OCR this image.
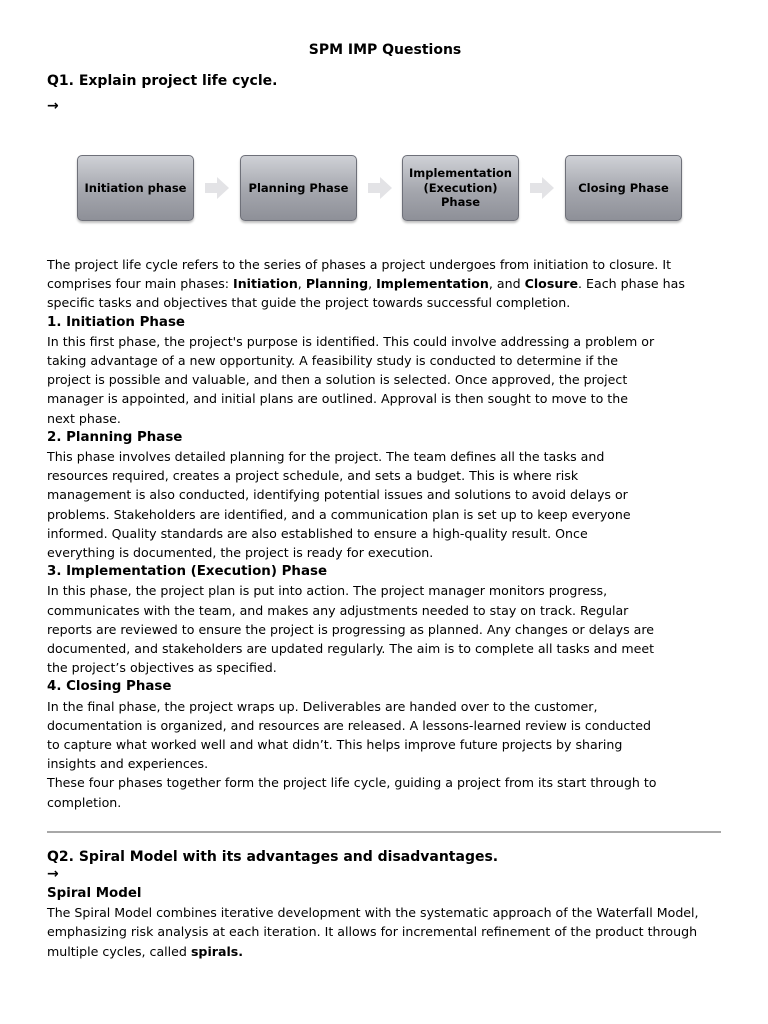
SPM IMP Questions
Q1. Explain project life cycle.
→
Initiation phase	Planning Phase
Implementation (Execution) Phase
Closing Phase

The project life cycle refers to the series of phases a project undergoes from initiation to closure. It comprises four main phases: Initiation, Planning, Implementation, and Closure. Each phase has specific tasks and objectives that guide the project towards successful completion.

1. Initiation Phase

In this first phase, the project's purpose is identified. This could involve addressing a problem or taking advantage of a new opportunity. A feasibility study is conducted to determine if the project is possible and valuable, and then a solution is selected. Once approved, the project manager is appointed, and initial plans are outlined. Approval is then sought to move to the next phase.

2. Planning Phase

This phase involves detailed planning for the project. The team defines all the tasks and resources required, creates a project schedule, and sets a budget. This is where risk management is also conducted, identifying potential issues and solutions to avoid delays or problems. Stakeholders are identified, and a communication plan is set up to keep everyone informed. Quality standards are also established to ensure a high-quality result. Once everything is documented, the project is ready for execution.

3. Implementation (Execution) Phase

In this phase, the project plan is put into action. The project manager monitors progress, communicates with the team, and makes any adjustments needed to stay on track. Regular reports are reviewed to ensure the project is progressing as planned. Any changes or delays are documented, and stakeholders are updated regularly. The aim is to complete all tasks and meet the project’s objectives as specified.

4. Closing Phase

In the final phase, the project wraps up. Deliverables are handed over to the customer, documentation is organized, and resources are released. A lessons-learned review is conducted to capture what worked well and what didn’t. This helps improve future projects by sharing insights and experiences.

These four phases together form the project life cycle, guiding a project from its start through to completion.

Q2. Spiral Model with its advantages and disadvantages.
→

Spiral Model

The Spiral Model combines iterative development with the systematic approach of the Waterfall Model, emphasizing risk analysis at each iteration. It allows for incremental refinement of the product through multiple cycles, called spirals.
